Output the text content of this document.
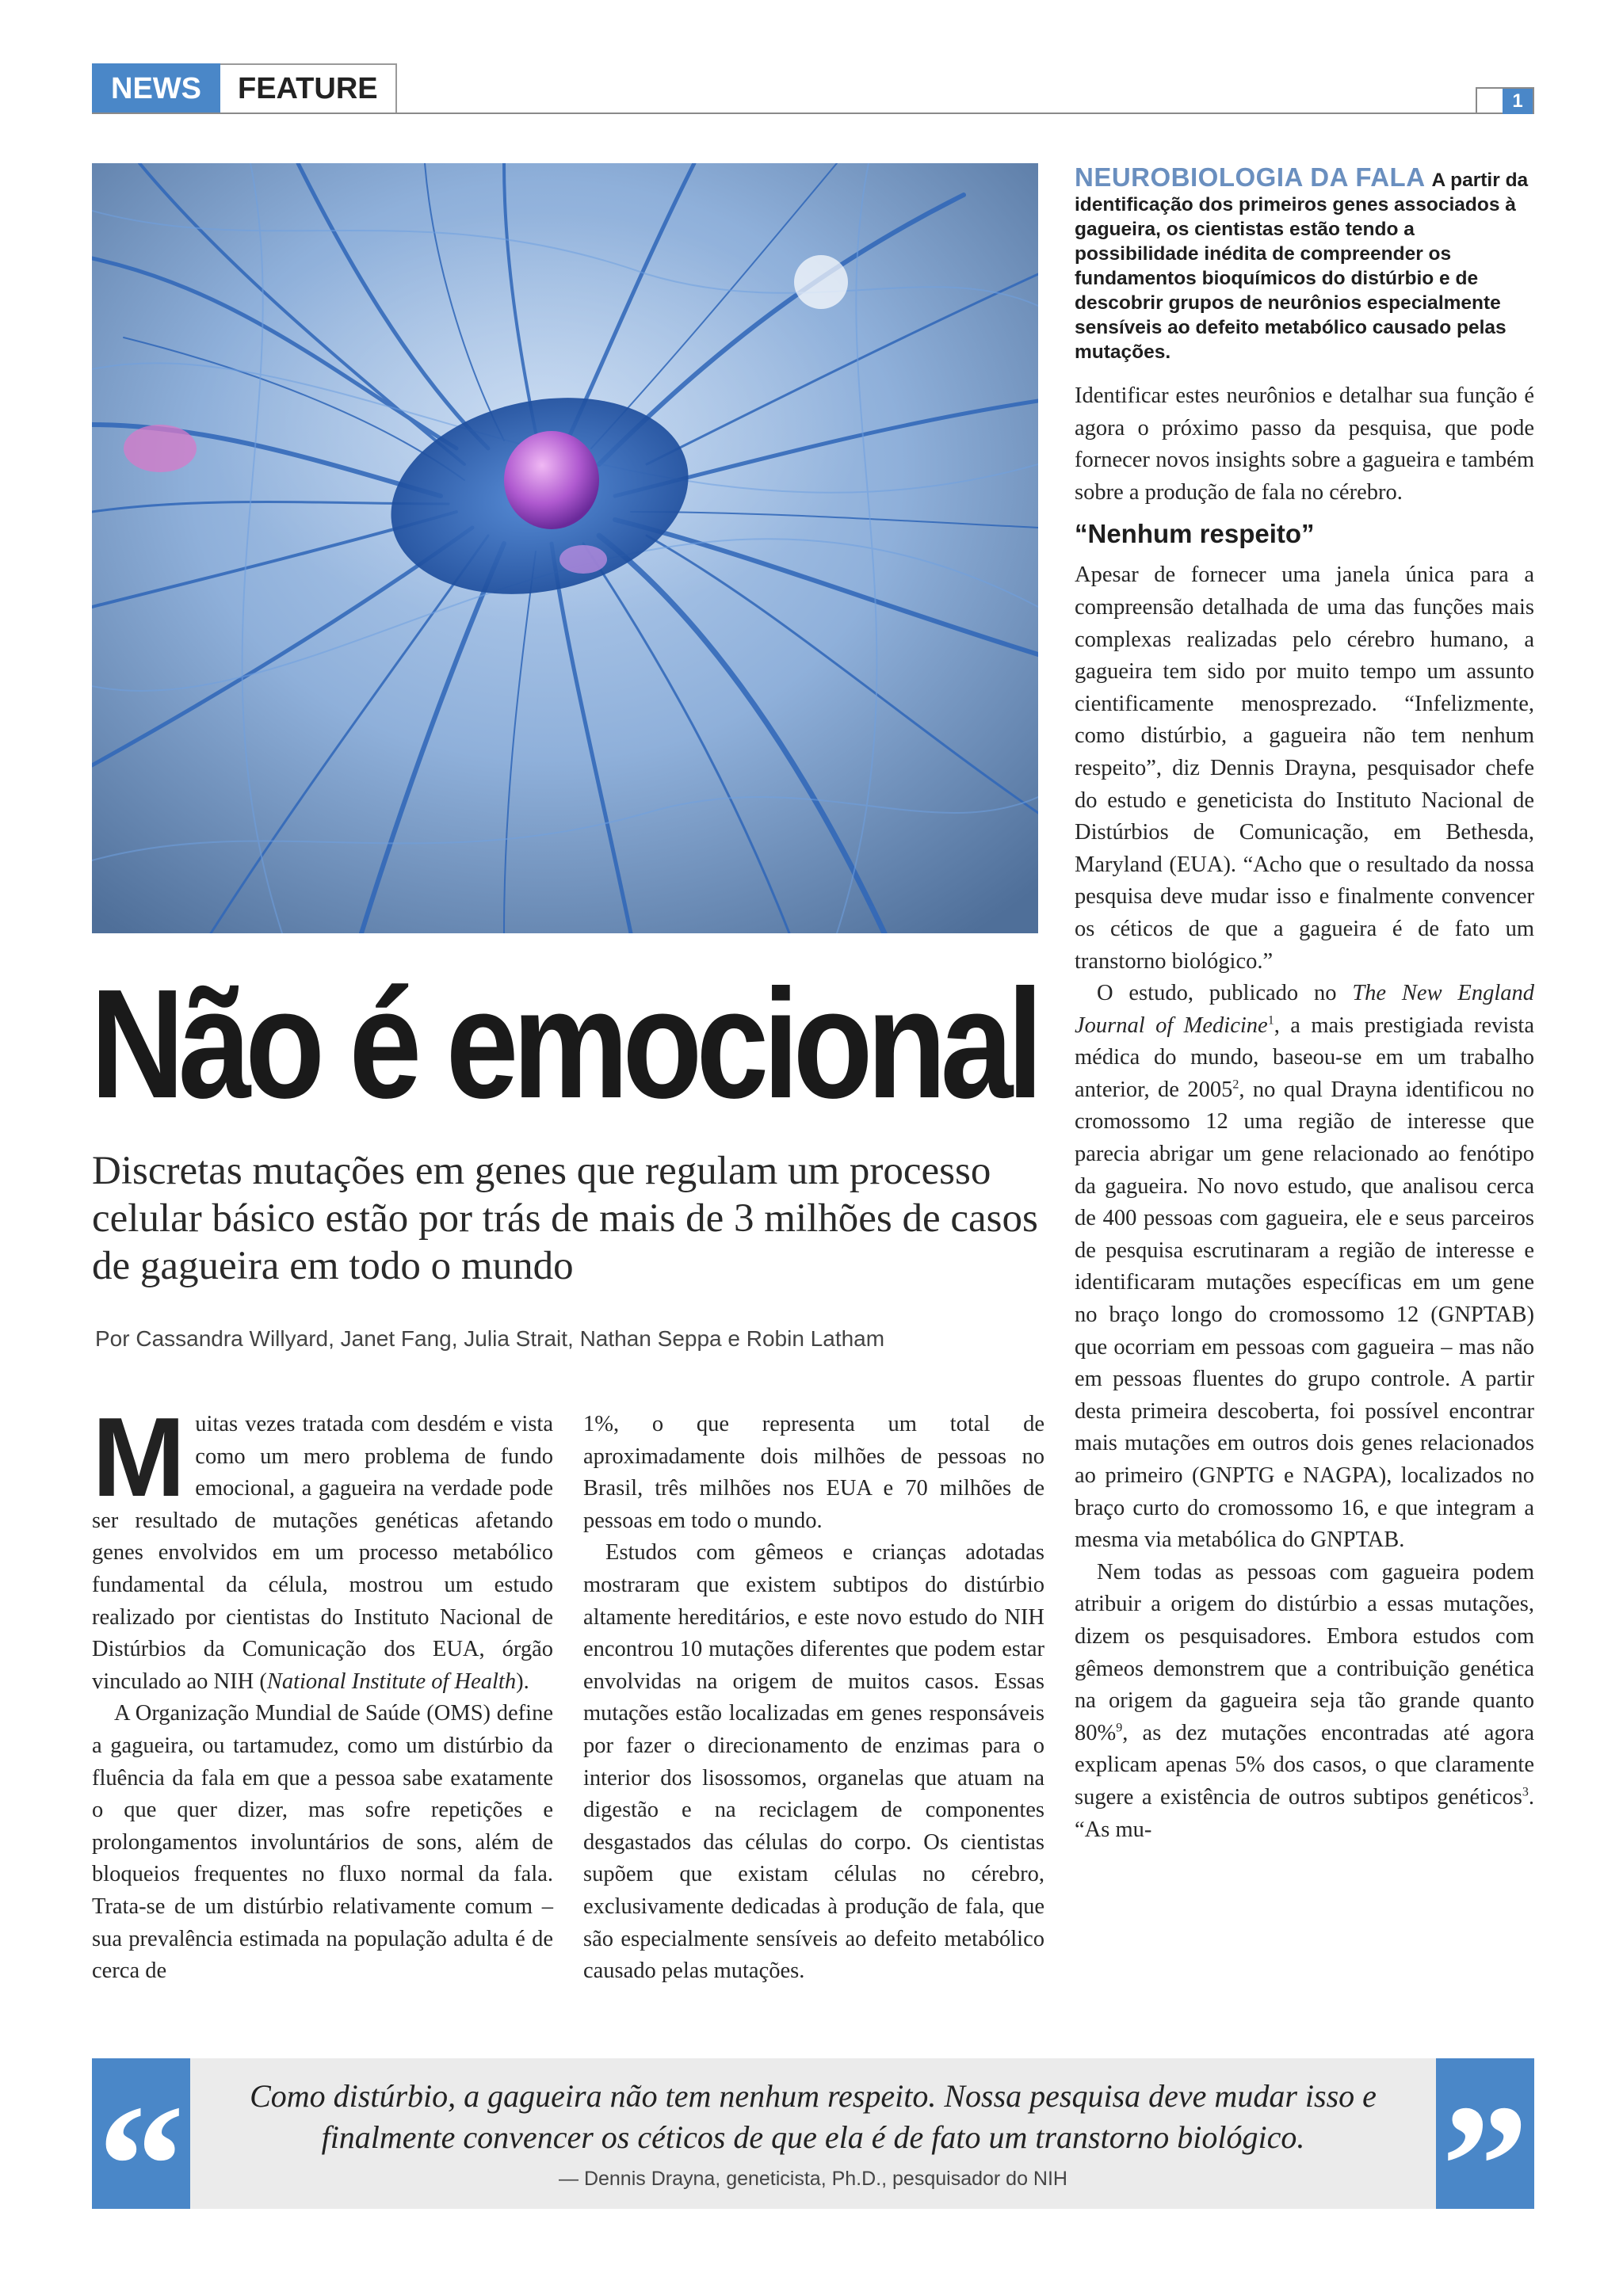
NEWS	FEATURE	1
Não é emocional

Discretas mutações em genes que regulam um processo celular básico estão por trás de mais de 3 milhões de casos de gagueira em todo o mundo

Por Cassandra Willyard, Janet Fang, Julia Strait, Nathan Seppa e Robin Latham

NEUROBIOLOGIA DA FALA A partir da identificação dos primeiros genes associados à gagueira, os cientistas estão tendo a possibilidade inédita de compreender os fundamentos bioquímicos do distúrbio e de descobrir grupos de neurônios especialmente sensíveis ao defeito metabólico causado pelas mutações.

Muitas vezes tratada com desdém e vista como um mero problema de fundo emocional, a gagueira na verdade pode ser resultado de mutações genéticas afetando genes envolvidos em um processo metabólico fundamental da célula, mostrou um estudo realizado por cientistas do Instituto Nacional de Distúrbios da Comunicação dos EUA, órgão vinculado ao NIH (National Institute of Health).

A Organização Mundial de Saúde (OMS) define a gagueira, ou tartamudez, como um distúrbio da fluência da fala em que a pessoa sabe exatamente o que quer dizer, mas sofre repetições e prolongamentos involuntários de sons, além de bloqueios frequentes no fluxo normal da fala. Trata-se de um distúrbio relativamente comum – sua prevalência estimada na população adulta é de cerca de

1%, o que representa um total de aproximadamente dois milhões de pessoas no Brasil, três milhões nos EUA e 70 milhões de pessoas em todo o mundo.

Estudos com gêmeos e crianças adotadas mostraram que existem subtipos do distúrbio altamente hereditários, e este novo estudo do NIH encontrou 10 mutações diferentes que podem estar envolvidas na origem de muitos casos. Essas mutações estão localizadas em genes responsáveis por fazer o direcionamento de enzimas para o interior dos lisossomos, organelas que atuam na digestão e na reciclagem de componentes desgastados das células do corpo. Os cientistas supõem que existam células no cérebro, exclusivamente dedicadas à produção de fala, que são especialmente sensíveis ao defeito metabólico causado pelas mutações.

Identificar estes neurônios e detalhar sua função é agora o próximo passo da pesquisa, que pode fornecer novos insights sobre a gagueira e também sobre a produção de fala no cérebro.

“Nenhum respeito”

Apesar de fornecer uma janela única para a compreensão detalhada de uma das funções mais complexas realizadas pelo cérebro humano, a gagueira tem sido por muito tempo um assunto cientificamente menosprezado. “Infelizmente, como distúrbio, a gagueira não tem nenhum respeito”, diz Dennis Drayna, pesquisador chefe do estudo e geneticista do Instituto Nacional de Distúrbios de Comunicação, em Bethesda, Maryland (EUA). “Acho que o resultado da nossa pesquisa deve mudar isso e finalmente convencer os céticos de que a gagueira é de fato um transtorno biológico.”

O estudo, publicado no The New England Journal of Medicine$^1$, a mais prestigiada revista médica do mundo, baseou-se em um trabalho anterior, de 2005$^2$, no qual Drayna identificou no cromossomo 12 uma região de interesse que parecia abrigar um gene relacionado ao fenótipo da gagueira. No novo estudo, que analisou cerca de 400 pessoas com gagueira, ele e seus parceiros de pesquisa escrutinaram a região de interesse e identificaram mutações específicas em um gene no braço longo do cromossomo 12 (GNPTAB) que ocorriam em pessoas com gagueira – mas não em pessoas fluentes do grupo controle. A partir desta primeira descoberta, foi possível encontrar mais mutações em outros dois genes relacionados ao primeiro (GNPTG e NAGPA), localizados no braço curto do cromossomo 16, e que integram a mesma via metabólica do GNPTAB.

Nem todas as pessoas com gagueira podem atribuir a origem do distúrbio a essas mutações, dizem os pesquisadores. Embora estudos com gêmeos demonstrem que a contribuição genética na origem da gagueira seja tão grande quanto 80%$^9$, as dez mutações encontradas até agora explicam apenas 5% dos casos, o que claramente sugere a existência de outros subtipos genéticos$^3$. “As mu-

“	Como distúrbio, a gagueira não tem nenhum respeito. Nossa pesquisa deve mudar isso e finalmente convencer os céticos de que ela é de fato um transtorno biológico.

— Dennis Drayna, geneticista, Ph.D., pesquisador do NIH	”
